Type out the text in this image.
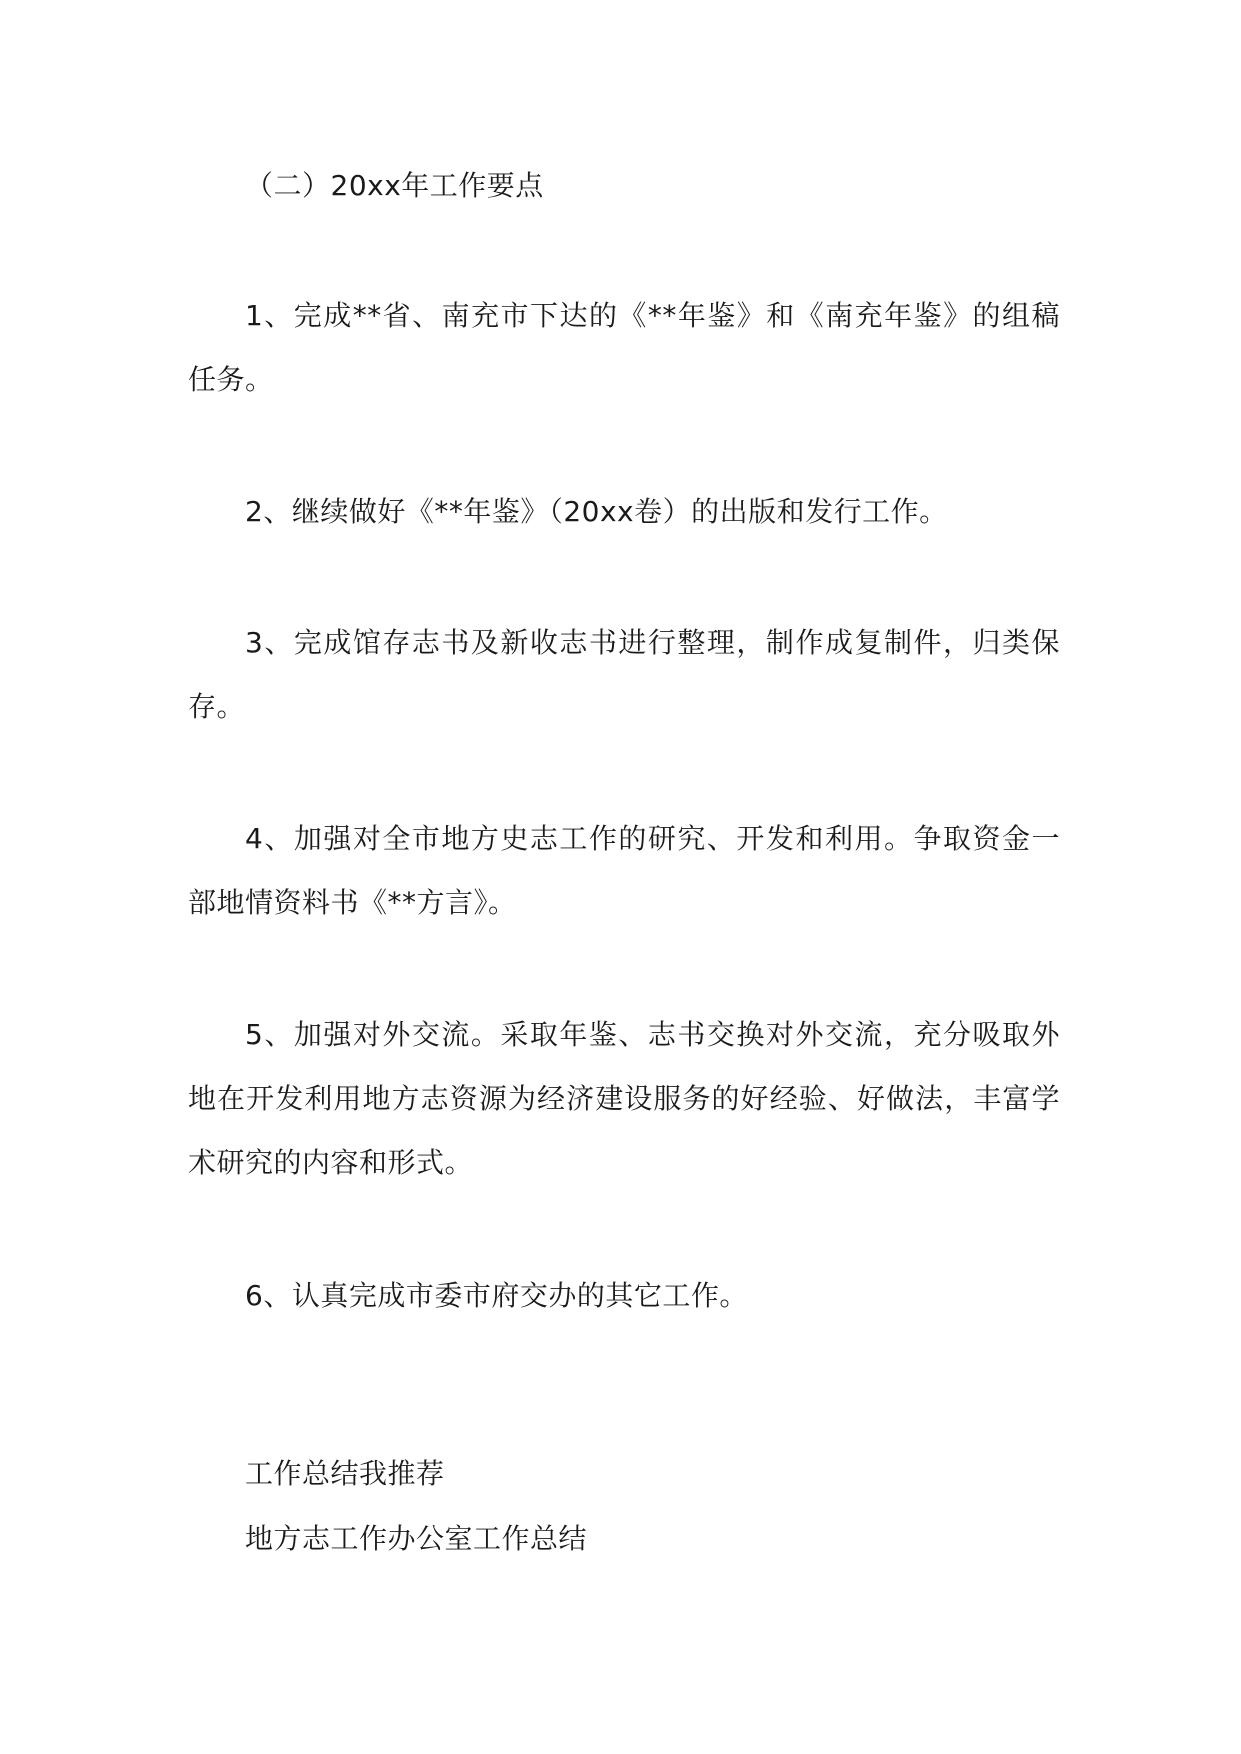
（二）20xx年工作要点

1、完成**省、南充市下达的《**年鉴》和《南充年鉴》的组稿任务。

2、继续做好《**年鉴》（20xx卷）的出版和发行工作。

3、完成馆存志书及新收志书进行整理，制作成复制件，归类保存。

4、加强对全市地方史志工作的研究、开发和利用。争取资金一部地情资料书《**方言》。

5、加强对外交流。采取年鉴、志书交换对外交流，充分吸取外地在开发利用地方志资源为经济建设服务的好经验、好做法，丰富学术研究的内容和形式。

6、认真完成市委市府交办的其它工作。

工作总结我推荐

地方志工作办公室工作总结
